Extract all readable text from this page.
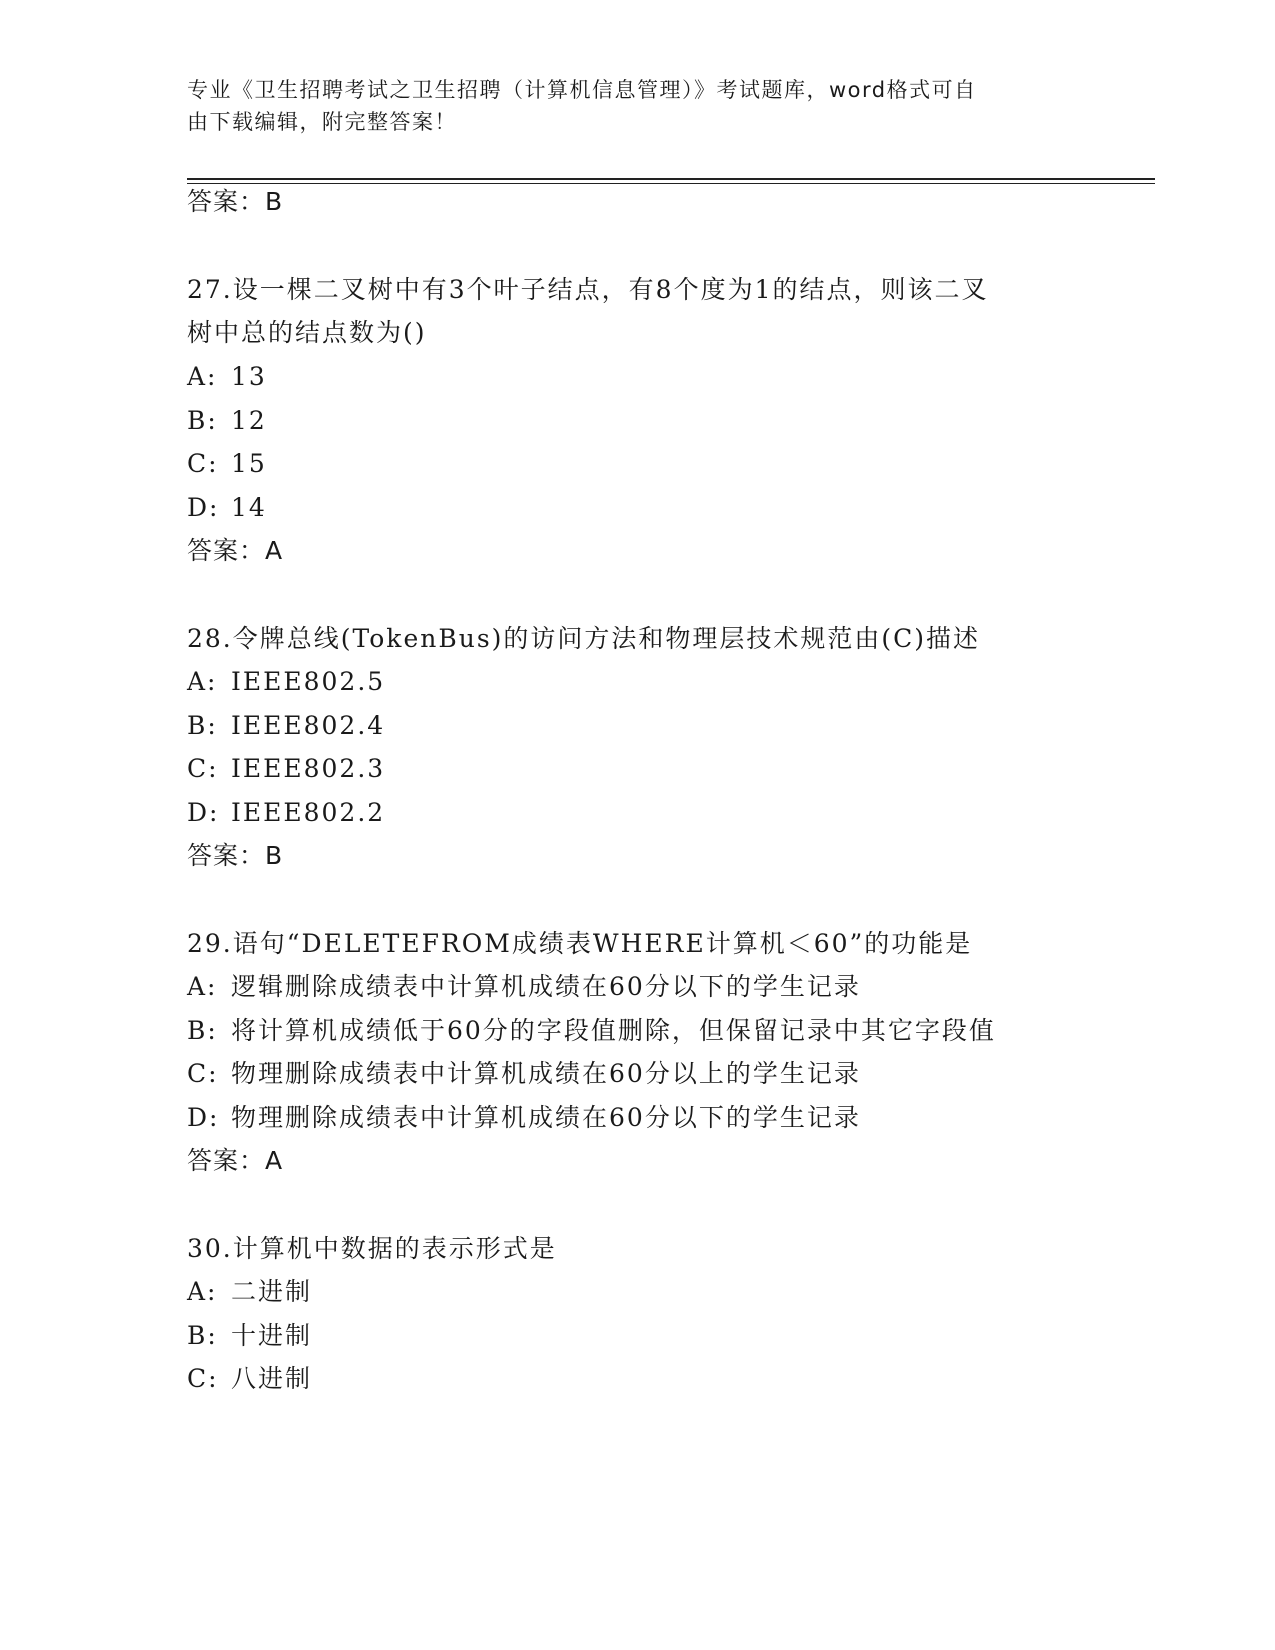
专业《卫生招聘考试之卫生招聘（计算机信息管理）》考试题库，word格式可自
由下载编辑，附完整答案！
答案：B
27.设一棵二叉树中有3个叶子结点，有8个度为1的结点，则该二叉
树中总的结点数为()
A: 13
B: 12
C: 15
D: 14
答案：A
28.令牌总线(TokenBus)的访问方法和物理层技术规范由(C)描述
A: IEEE802.5
B: IEEE802.4
C: IEEE802.3
D: IEEE802.2
答案：B
29.语句“DELETEFROM成绩表WHERE计算机＜60”的功能是
A: 逻辑删除成绩表中计算机成绩在60分以下的学生记录
B: 将计算机成绩低于60分的字段值删除，但保留记录中其它字段值
C: 物理删除成绩表中计算机成绩在60分以上的学生记录
D: 物理删除成绩表中计算机成绩在60分以下的学生记录
答案：A
30.计算机中数据的表示形式是
A: 二进制
B: 十进制
C: 八进制
